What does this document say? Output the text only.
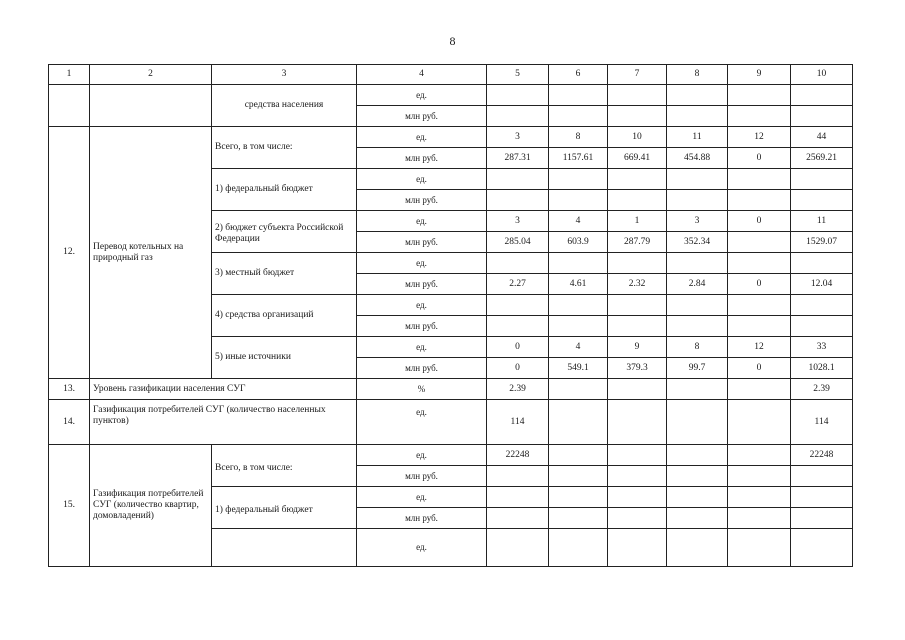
8
1	2	3	4	5	6	7	8	9	10
		средства населения	ед.						
			млн руб.						
12.	Перевод котельных на природный газ	Всего, в том числе:	ед.	3	8	10	11	12	44
			млн руб.	287.31	1157.61	669.41	454.88	0	2569.21
		1) федеральный бюджет	ед.						
			млн руб.						
		2) бюджет субъекта Российской Федерации	ед.	3	4	1	3	0	11
			млн руб.	285.04	603.9	287.79	352.34		1529.07
		3) местный бюджет	ед.						
			млн руб.	2.27	4.61	2.32	2.84	0	12.04
		4) средства организаций	ед.						
			млн руб.						
		5) иные источники	ед.	0	4	9	8	12	33
			млн руб.	0	549.1	379.3	99.7	0	1028.1
13.	Уровень газификации населения СУГ		%	2.39					2.39
14.	Газификация потребителей СУГ (количество населенных пунктов)		ед.	114					114
15.	Газификация потребителей СУГ (количество квартир, домовладений)	Всего, в том числе:	ед.	22248					22248
			млн руб.						
		1) федеральный бюджет	ед.						
			млн руб.						
			ед.						
